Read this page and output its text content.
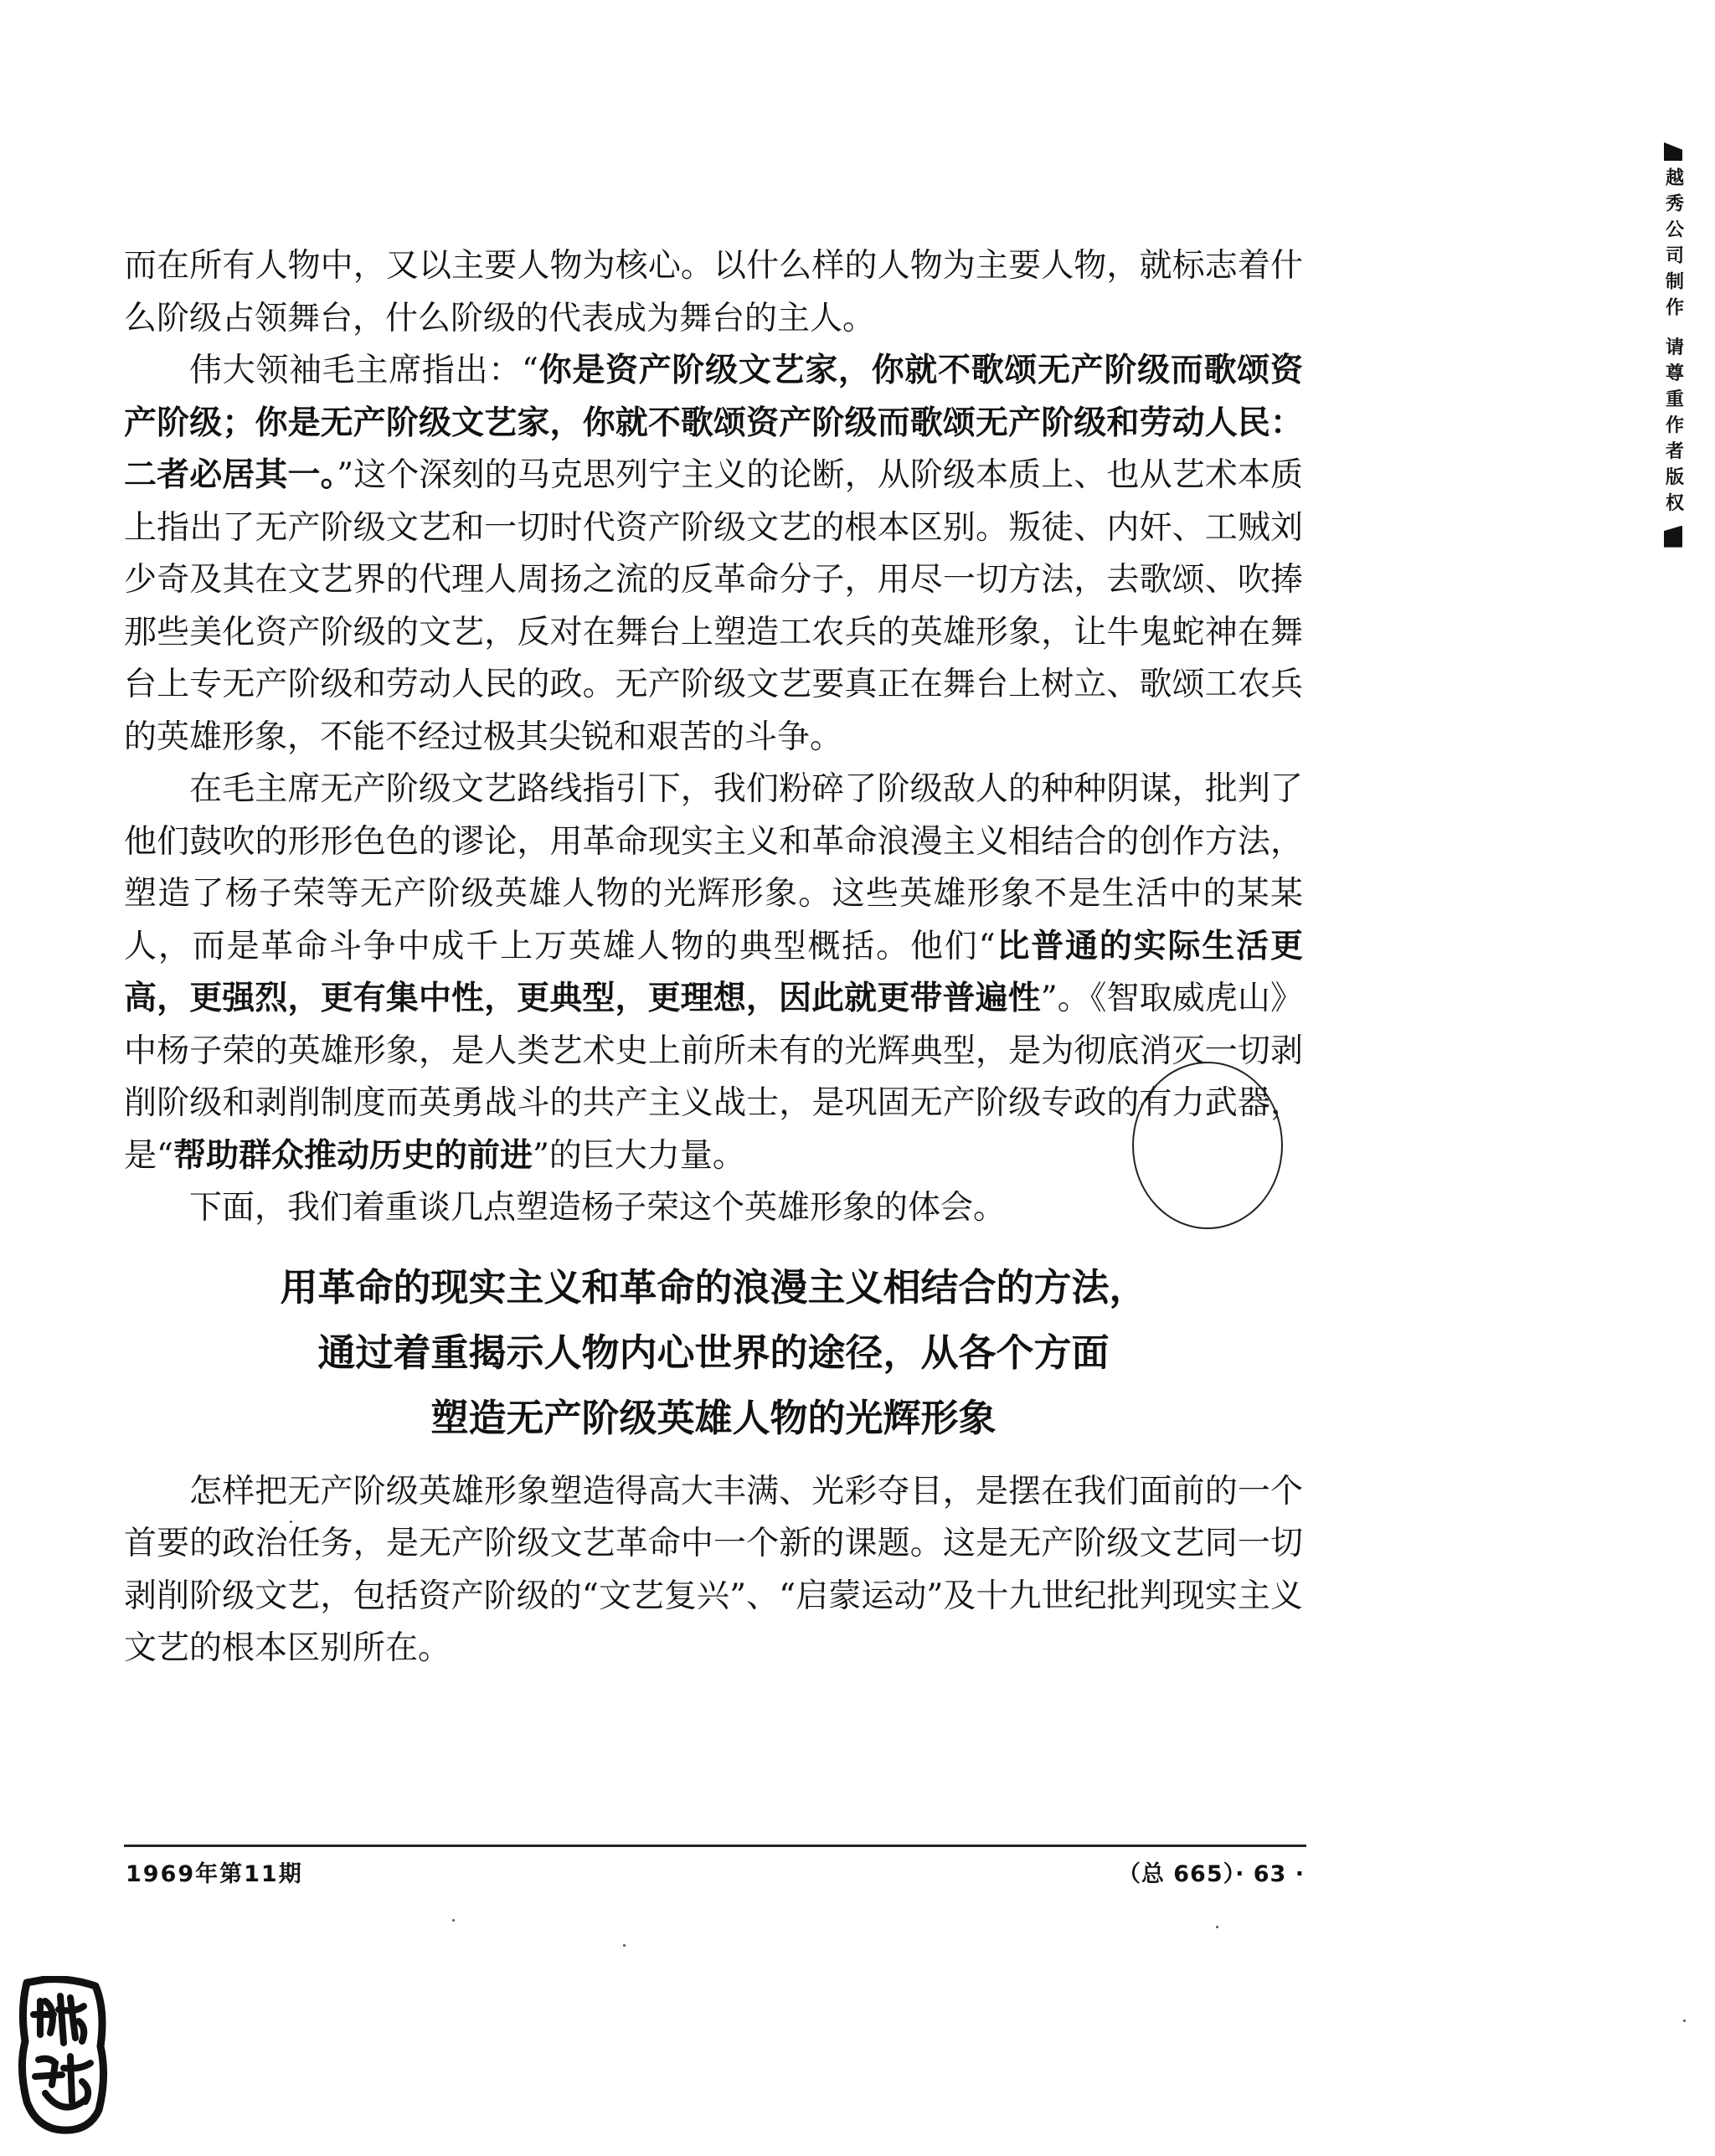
越秀公司制作 请尊重作者版权

而在所有人物中，又以主要人物为核心。以什么样的人物为主要人物，就标志着什么阶级占领舞台，什么阶级的代表成为舞台的主人。

伟大领袖毛主席指出：“你是资产阶级文艺家，你就不歌颂无产阶级而歌颂资产阶级；你是无产阶级文艺家，你就不歌颂资产阶级而歌颂无产阶级和劳动人民：二者必居其一。”这个深刻的马克思列宁主义的论断，从阶级本质上、也从艺术本质上指出了无产阶级文艺和一切时代资产阶级文艺的根本区别。叛徒、内奸、工贼刘少奇及其在文艺界的代理人周扬之流的反革命分子，用尽一切方法，去歌颂、吹捧那些美化资产阶级的文艺，反对在舞台上塑造工农兵的英雄形象，让牛鬼蛇神在舞台上专无产阶级和劳动人民的政。无产阶级文艺要真正在舞台上树立、歌颂工农兵的英雄形象，不能不经过极其尖锐和艰苦的斗争。

在毛主席无产阶级文艺路线指引下，我们粉碎了阶级敌人的种种阴谋，批判了他们鼓吹的形形色色的谬论，用革命现实主义和革命浪漫主义相结合的创作方法，塑造了杨子荣等无产阶级英雄人物的光辉形象。这些英雄形象不是生活中的某某人，而是革命斗争中成千上万英雄人物的典型概括。他们“比普通的实际生活更高，更强烈，更有集中性，更典型，更理想，因此就更带普遍性”。《智取威虎山》中杨子荣的英雄形象，是人类艺术史上前所未有的光辉典型，是为彻底消灭一切剥削阶级和剥削制度而英勇战斗的共产主义战士，是巩固无产阶级专政的有力武器，是“帮助群众推动历史的前进”的巨大力量。

下面，我们着重谈几点塑造杨子荣这个英雄形象的体会。

用革命的现实主义和革命的浪漫主义相结合的方法，
通过着重揭示人物内心世界的途径，从各个方面
塑造无产阶级英雄人物的光辉形象

怎样把无产阶级英雄形象塑造得高大丰满、光彩夺目，是摆在我们面前的一个首要的政治任务，是无产阶级文艺革命中一个新的课题。这是无产阶级文艺同一切剥削阶级文艺，包括资产阶级的“文艺复兴”、“启蒙运动”及十九世纪批判现实主义文艺的根本区别所在。

1969年第11期	（总 665）· 63 ·
